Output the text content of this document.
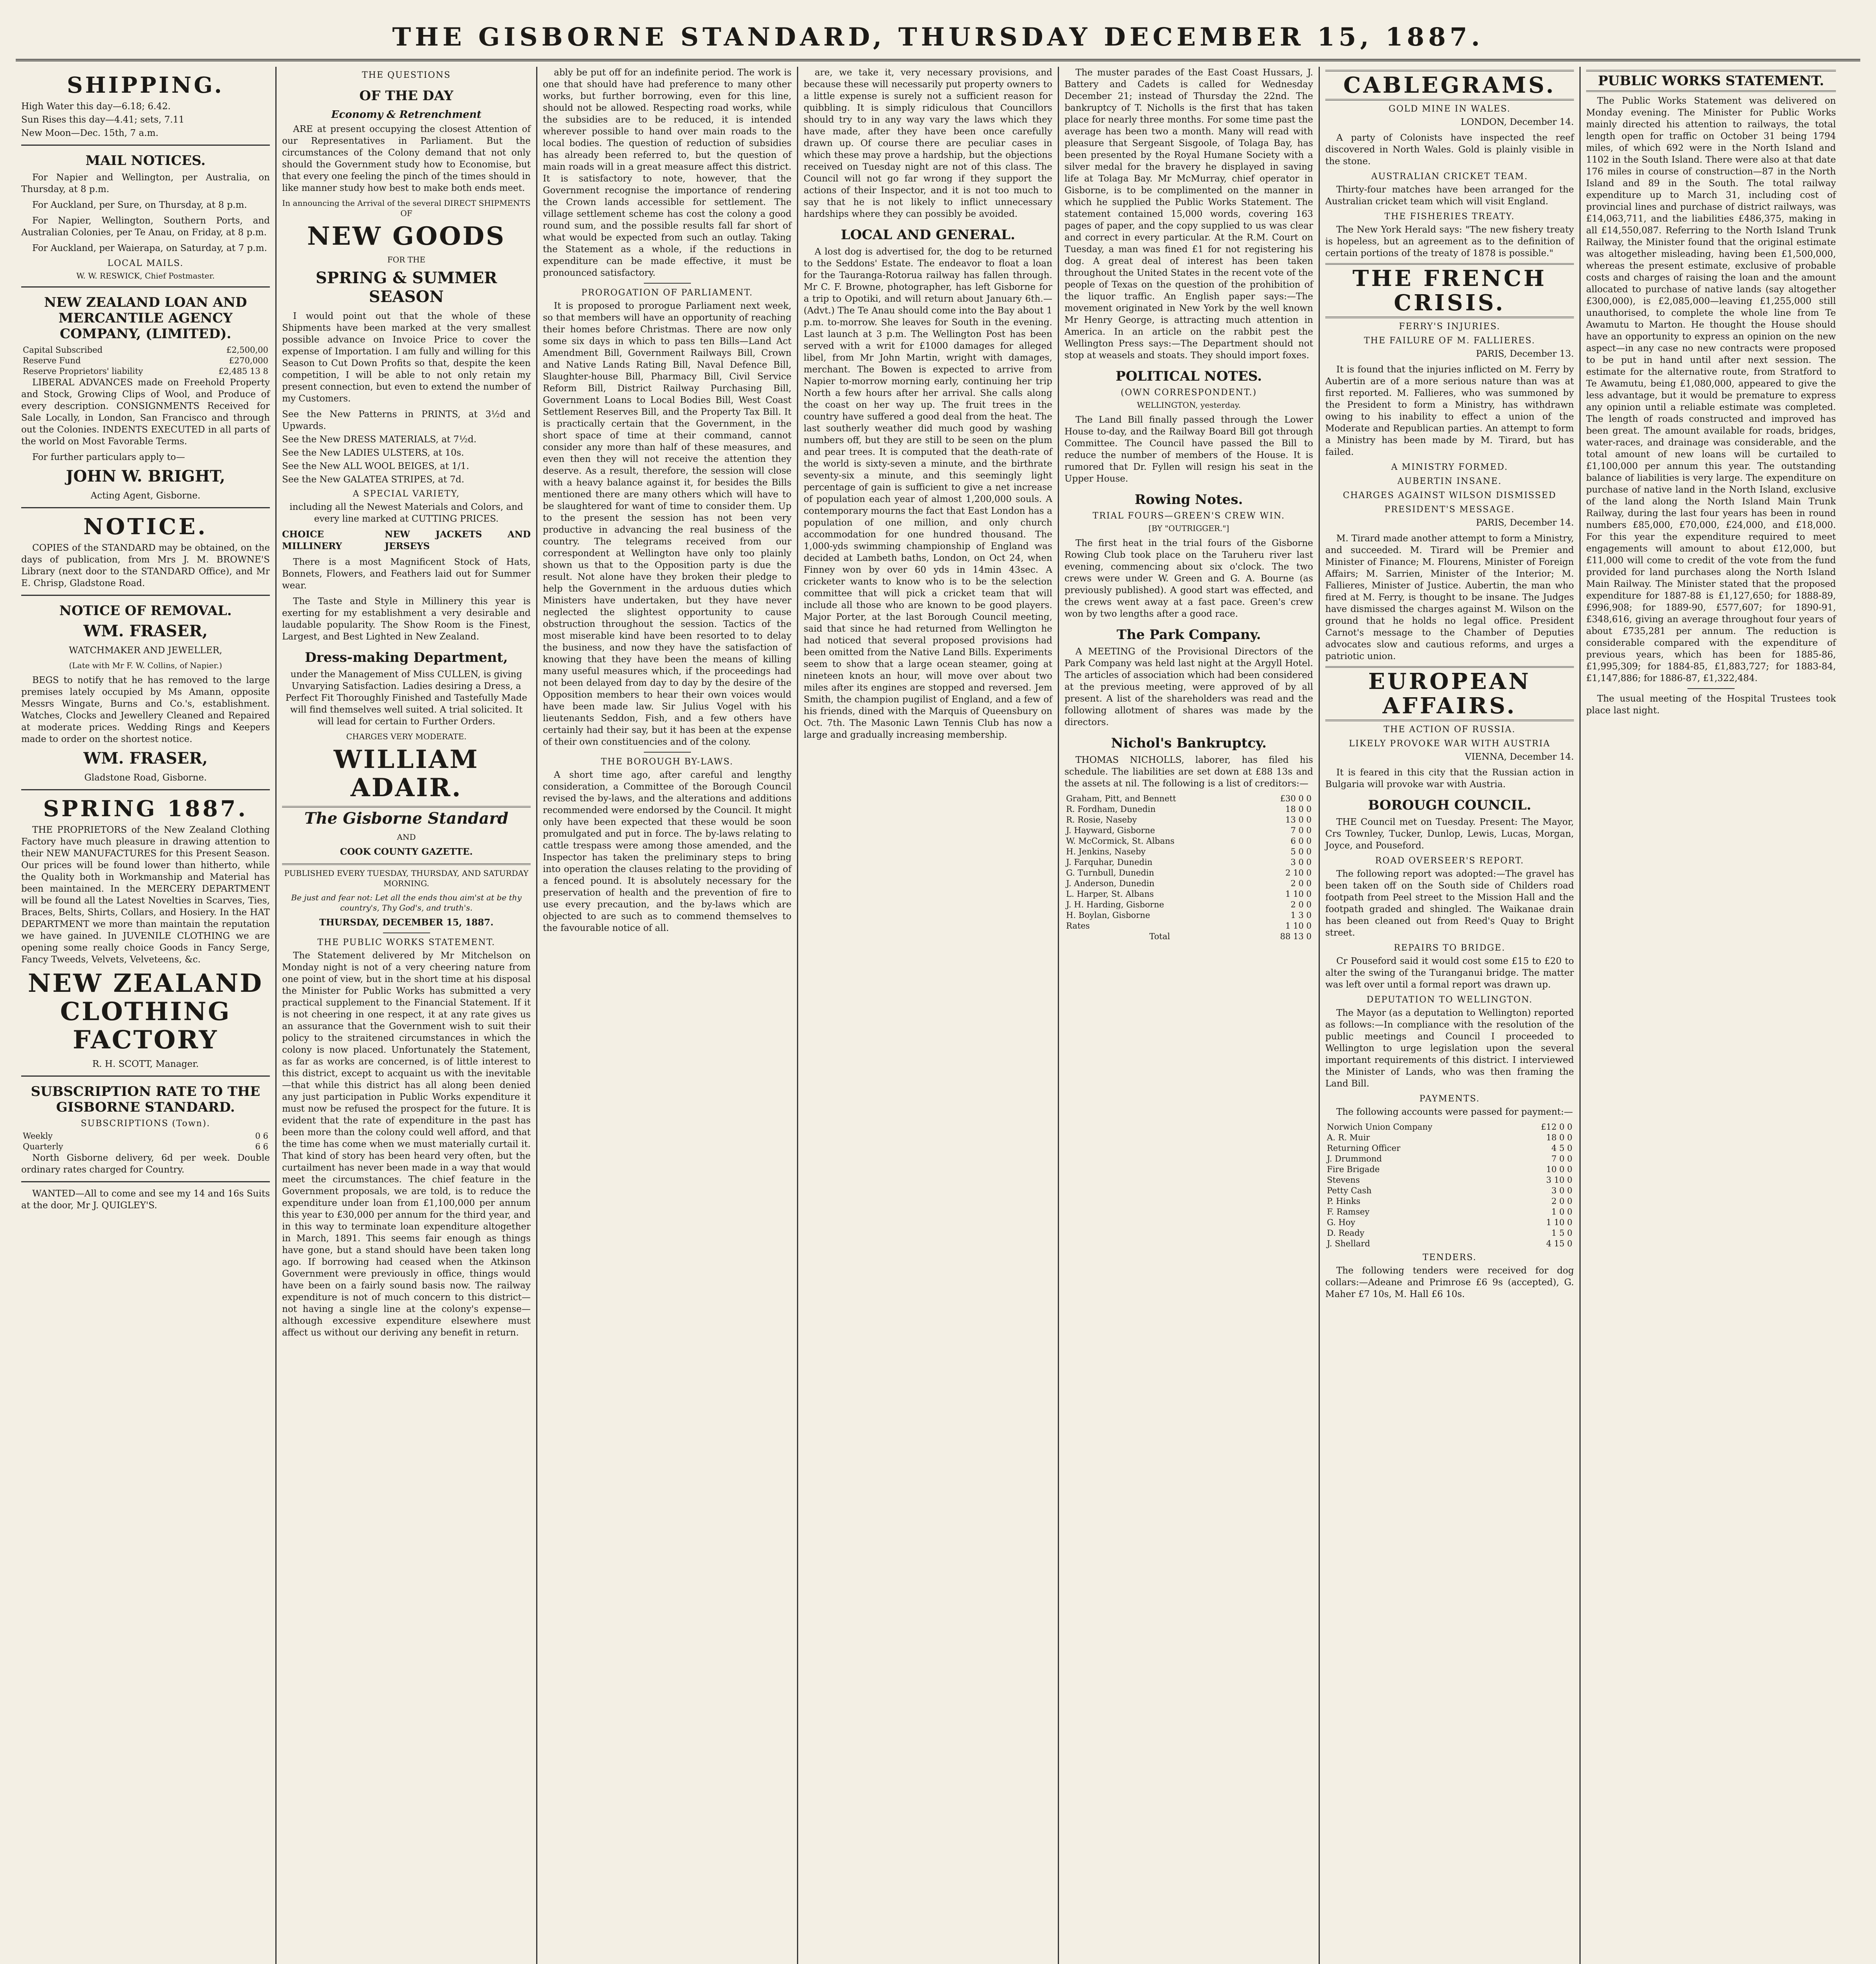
THE GISBORNE STANDARD, THURSDAY DECEMBER 15, 1887.
SHIPPING.

High Water this day—6.18; 6.42.

Sun Rises this day—4.41; sets, 7.11

New Moon—Dec. 15th, 7 a.m.

MAIL NOTICES.

For Napier and Wellington, per Australia, on Thursday, at 8 p.m.

For Auckland, per Sure, on Thursday, at 8 p.m.

For Napier, Wellington, Southern Ports, and Australian Colonies, per Te Anau, on Friday, at 8 p.m.

For Auckland, per Waierapa, on Saturday, at 7 p.m.

LOCAL MAILS.

W. W. RESWICK, Chief Postmaster.

NEW ZEALAND LOAN AND MERCANTILE AGENCY COMPANY, (LIMITED).
Capital Subscribed	£2,500,00
Reserve Fund	£270,000
Reserve Proprietors' liability	£2,485 13 8

LIBERAL ADVANCES made on Freehold Property and Stock, Growing Clips of Wool, and Produce of every description. CONSIGNMENTS Received for Sale Locally, in London, San Francisco and through out the Colonies. INDENTS EXECUTED in all parts of the world on Most Favorable Terms.

For further particulars apply to—

JOHN W. BRIGHT,

Acting Agent, Gisborne.

NOTICE.

COPIES of the STANDARD may be obtained, on the days of publication, from Mrs J. M. BROWNE'S Library (next door to the STANDARD Office), and Mr E. Chrisp, Gladstone Road.

NOTICE OF REMOVAL.

WM. FRASER,

WATCHMAKER AND JEWELLER,

(Late with Mr F. W. Collins, of Napier.)

BEGS to notify that he has removed to the large premises lately occupied by Ms Amann, opposite Messrs Wingate, Burns and Co.'s, establishment. Watches, Clocks and Jewellery Cleaned and Repaired at moderate prices. Wedding Rings and Keepers made to order on the shortest notice.

WM. FRASER,

Gladstone Road, Gisborne.

SPRING 1887.

THE PROPRIETORS of the New Zealand Clothing Factory have much pleasure in drawing attention to their NEW MANUFACTURES for this Present Season. Our prices will be found lower than hitherto, while the Quality both in Workmanship and Material has been maintained. In the MERCERY DEPARTMENT will be found all the Latest Novelties in Scarves, Ties, Braces, Belts, Shirts, Collars, and Hosiery. In the HAT DEPARTMENT we more than maintain the reputation we have gained. In JUVENILE CLOTHING we are opening some really choice Goods in Fancy Serge, Fancy Tweeds, Velvets, Velveteens, &c.

NEW ZEALAND CLOTHING FACTORY

R. H. SCOTT, Manager.

SUBSCRIPTION RATE TO THE GISBORNE STANDARD.
SUBSCRIPTIONS (Town).
Weekly	0 6
Quarterly	6 6

North Gisborne delivery, 6d per week. Double ordinary rates charged for Country.

WANTED—All to come and see my 14 and 16s Suits at the door, Mr J. QUIGLEY'S.

THE QUESTIONS
OF THE DAY
Economy & Retrenchment

ARE at present occupying the closest Attention of our Representatives in Parliament. But the circumstances of the Colony demand that not only should the Government study how to Economise, but that every one feeling the pinch of the times should in like manner study how best to make both ends meet.

In announcing the Arrival of the several DIRECT SHIPMENTS OF

NEW GOODS

FOR THE

SPRING & SUMMER SEASON

I would point out that the whole of these Shipments have been marked at the very smallest possible advance on Invoice Price to cover the expense of Importation. I am fully and willing for this Season to Cut Down Profits so that, despite the keen competition, I will be able to not only retain my present connection, but even to extend the number of my Customers.

See the New Patterns in PRINTS, at 3½d and Upwards.

See the New DRESS MATERIALS, at 7½d.

See the New LADIES ULSTERS, at 10s.

See the New ALL WOOL BEIGES, at 1/1.

See the New GALATEA STRIPES, at 7d.

A SPECIAL VARIETY,

including all the Newest Materials and Colors, and every line marked at CUTTING PRICES.

CHOICE MILLINERY
NEW JACKETS AND JERSEYS

There is a most Magnificent Stock of Hats, Bonnets, Flowers, and Feathers laid out for Summer wear.

The Taste and Style in Millinery this year is exerting for my establishment a very desirable and laudable popularity. The Show Room is the Finest, Largest, and Best Lighted in New Zealand.

Dress-making Department,

under the Management of Miss CULLEN, is giving Unvarying Satisfaction. Ladies desiring a Dress, a Perfect Fit Thoroughly Finished and Tastefully Made will find themselves well suited. A trial solicited. It will lead for certain to Further Orders.

CHARGES VERY MODERATE.

WILLIAM ADAIR.

The Gisborne Standard

AND

COOK COUNTY GAZETTE.

PUBLISHED EVERY TUESDAY, THURSDAY, AND SATURDAY MORNING.

Be just and fear not: Let all the ends thou aim'st at be thy country's, Thy God's, and truth's.

THURSDAY, DECEMBER 15, 1887.

THE PUBLIC WORKS STATEMENT.

The Statement delivered by Mr Mitchelson on Monday night is not of a very cheering nature from one point of view, but in the short time at his disposal the Minister for Public Works has submitted a very practical supplement to the Financial Statement. If it is not cheering in one respect, it at any rate gives us an assurance that the Government wish to suit their policy to the straitened circumstances in which the colony is now placed. Unfortunately the Statement, as far as works are concerned, is of little interest to this district, except to acquaint us with the inevitable—that while this district has all along been denied any just participation in Public Works expenditure it must now be refused the prospect for the future. It is evident that the rate of expenditure in the past has been more than the colony could well afford, and that the time has come when we must materially curtail it. That kind of story has been heard very often, but the curtailment has never been made in a way that would meet the circumstances. The chief feature in the Government proposals, we are told, is to reduce the expenditure under loan from £1,100,000 per annum this year to £30,000 per annum for the third year, and in this way to terminate loan expenditure altogether in March, 1891. This seems fair enough as things have gone, but a stand should have been taken long ago. If borrowing had ceased when the Atkinson Government were previously in office, things would have been on a fairly sound basis now. The railway expenditure is not of much concern to this district—not having a single line at the colony's expense—although excessive expenditure elsewhere must affect us without our deriving any benefit in return.

ably be put off for an indefinite period. The work is one that should have had preference to many other works, but further borrowing, even for this line, should not be allowed. Respecting road works, while the subsidies are to be reduced, it is intended wherever possible to hand over main roads to the local bodies. The question of reduction of subsidies has already been referred to, but the question of main roads will in a great measure affect this district. It is satisfactory to note, however, that the Government recognise the importance of rendering the Crown lands accessible for settlement. The village settlement scheme has cost the colony a good round sum, and the possible results fall far short of what would be expected from such an outlay. Taking the Statement as a whole, if the reductions in expenditure can be made effective, it must be pronounced satisfactory.

PROROGATION OF PARLIAMENT.

It is proposed to prorogue Parliament next week, so that members will have an opportunity of reaching their homes before Christmas. There are now only some six days in which to pass ten Bills—Land Act Amendment Bill, Government Railways Bill, Crown and Native Lands Rating Bill, Naval Defence Bill, Slaughter-house Bill, Pharmacy Bill, Civil Service Reform Bill, District Railway Purchasing Bill, Government Loans to Local Bodies Bill, West Coast Settlement Reserves Bill, and the Property Tax Bill. It is practically certain that the Government, in the short space of time at their command, cannot consider any more than half of these measures, and even then they will not receive the attention they deserve. As a result, therefore, the session will close with a heavy balance against it, for besides the Bills mentioned there are many others which will have to be slaughtered for want of time to consider them. Up to the present the session has not been very productive in advancing the real business of the country. The telegrams received from our correspondent at Wellington have only too plainly shown us that to the Opposition party is due the result. Not alone have they broken their pledge to help the Government in the arduous duties which Ministers have undertaken, but they have never neglected the slightest opportunity to cause obstruction throughout the session. Tactics of the most miserable kind have been resorted to to delay the business, and now they have the satisfaction of knowing that they have been the means of killing many useful measures which, if the proceedings had not been delayed from day to day by the desire of the Opposition members to hear their own voices would have been made law. Sir Julius Vogel with his lieutenants Seddon, Fish, and a few others have certainly had their say, but it has been at the expense of their own constituencies and of the colony.

THE BOROUGH BY-LAWS.

A short time ago, after careful and lengthy consideration, a Committee of the Borough Council revised the by-laws, and the alterations and additions recommended were endorsed by the Council. It might only have been expected that these would be soon promulgated and put in force. The by-laws relating to cattle trespass were among those amended, and the Inspector has taken the preliminary steps to bring into operation the clauses relating to the providing of a fenced pound. It is absolutely necessary for the preservation of health and the prevention of fire to use every precaution, and the by-laws which are objected to are such as to commend themselves to the favourable notice of all.

are, we take it, very necessary provisions, and because these will necessarily put property owners to a little expense is surely not a sufficient reason for quibbling. It is simply ridiculous that Councillors should try to in any way vary the laws which they have made, after they have been once carefully drawn up. Of course there are peculiar cases in which these may prove a hardship, but the objections received on Tuesday night are not of this class. The Council will not go far wrong if they support the actions of their Inspector, and it is not too much to say that he is not likely to inflict unnecessary hardships where they can possibly be avoided.

LOCAL AND GENERAL.

A lost dog is advertised for, the dog to be returned to the Seddons' Estate. The endeavor to float a loan for the Tauranga-Rotorua railway has fallen through. Mr C. F. Browne, photographer, has left Gisborne for a trip to Opotiki, and will return about January 6th.—(Advt.) The Te Anau should come into the Bay about 1 p.m. to-morrow. She leaves for South in the evening. Last launch at 3 p.m. The Wellington Post has been served with a writ for £1000 damages for alleged libel, from Mr John Martin, wright with damages, merchant. The Bowen is expected to arrive from Napier to-morrow morning early, continuing her trip North a few hours after her arrival. She calls along the coast on her way up. The fruit trees in the country have suffered a good deal from the heat. The last southerly weather did much good by washing numbers off, but they are still to be seen on the plum and pear trees. It is computed that the death-rate of the world is sixty-seven a minute, and the birthrate seventy-six a minute, and this seemingly light percentage of gain is sufficient to give a net increase of population each year of almost 1,200,000 souls. A contemporary mourns the fact that East London has a population of one million, and only church accommodation for one hundred thousand. The 1,000-yds swimming championship of England was decided at Lambeth baths, London, on Oct 24, when Finney won by over 60 yds in 14min 43sec. A cricketer wants to know who is to be the selection committee that will pick a cricket team that will include all those who are known to be good players. Major Porter, at the last Borough Council meeting, said that since he had returned from Wellington he had noticed that several proposed provisions had been omitted from the Native Land Bills. Experiments seem to show that a large ocean steamer, going at nineteen knots an hour, will move over about two miles after its engines are stopped and reversed. Jem Smith, the champion pugilist of England, and a few of his friends, dined with the Marquis of Queensbury on Oct. 7th. The Masonic Lawn Tennis Club has now a large and gradually increasing membership.

The muster parades of the East Coast Hussars, J. Battery and Cadets is called for Wednesday December 21; instead of Thursday the 22nd. The bankruptcy of T. Nicholls is the first that has taken place for nearly three months. For some time past the average has been two a month. Many will read with pleasure that Sergeant Sisgoole, of Tolaga Bay, has been presented by the Royal Humane Society with a silver medal for the bravery he displayed in saving life at Tolaga Bay. Mr McMurray, chief operator in Gisborne, is to be complimented on the manner in which he supplied the Public Works Statement. The statement contained 15,000 words, covering 163 pages of paper, and the copy supplied to us was clear and correct in every particular. At the R.M. Court on Tuesday, a man was fined £1 for not registering his dog. A great deal of interest has been taken throughout the United States in the recent vote of the people of Texas on the question of the prohibition of the liquor traffic. An English paper says:—The movement originated in New York by the well known Mr Henry George, is attracting much attention in America. In an article on the rabbit pest the Wellington Press says:—The Department should not stop at weasels and stoats. They should import foxes.

POLITICAL NOTES.
(OWN CORRESPONDENT.)

WELLINGTON, yesterday.

The Land Bill finally passed through the Lower House to-day, and the Railway Board Bill got through Committee. The Council have passed the Bill to reduce the number of members of the House. It is rumored that Dr. Fyllen will resign his seat in the Upper House.

Rowing Notes.
TRIAL FOURS—GREEN'S CREW WIN.

[BY "OUTRIGGER."]

The first heat in the trial fours of the Gisborne Rowing Club took place on the Taruheru river last evening, commencing about six o'clock. The two crews were under W. Green and G. A. Bourne (as previously published). A good start was effected, and the crews went away at a fast pace. Green's crew won by two lengths after a good race.

The Park Company.

A MEETING of the Provisional Directors of the Park Company was held last night at the Argyll Hotel. The articles of association which had been considered at the previous meeting, were approved of by all present. A list of the shareholders was read and the following allotment of shares was made by the directors.

Nichol's Bankruptcy.

THOMAS NICHOLLS, laborer, has filed his schedule. The liabilities are set down at £88 13s and the assets at nil. The following is a list of creditors:—

Graham, Pitt, and Bennett	£30 0 0
R. Fordham, Dunedin	18 0 0
R. Rosie, Naseby	13 0 0
J. Hayward, Gisborne	7 0 0
W. McCormick, St. Albans	6 0 0
H. Jenkins, Naseby	5 0 0
J. Farquhar, Dunedin	3 0 0
G. Turnbull, Dunedin	2 10 0
J. Anderson, Dunedin	2 0 0
L. Harper, St. Albans	1 10 0
J. H. Harding, Gisborne	2 0 0
H. Boylan, Gisborne	1 3 0
Rates	1 10 0
Total	88 13 0
CABLEGRAMS.
GOLD MINE IN WALES.

LONDON, December 14.

A party of Colonists have inspected the reef discovered in North Wales. Gold is plainly visible in the stone.

AUSTRALIAN CRICKET TEAM.

Thirty-four matches have been arranged for the Australian cricket team which will visit England.

THE FISHERIES TREATY.

The New York Herald says: "The new fishery treaty is hopeless, but an agreement as to the definition of certain portions of the treaty of 1878 is possible."

THE FRENCH CRISIS.
FERRY'S INJURIES.
THE FAILURE OF M. FALLIERES.

PARIS, December 13.

It is found that the injuries inflicted on M. Ferry by Aubertin are of a more serious nature than was at first reported. M. Fallieres, who was summoned by the President to form a Ministry, has withdrawn owing to his inability to effect a union of the Moderate and Republican parties. An attempt to form a Ministry has been made by M. Tirard, but has failed.

A MINISTRY FORMED.
AUBERTIN INSANE.
CHARGES AGAINST WILSON DISMISSED
PRESIDENT'S MESSAGE.

PARIS, December 14.

M. Tirard made another attempt to form a Ministry, and succeeded. M. Tirard will be Premier and Minister of Finance; M. Flourens, Minister of Foreign Affairs; M. Sarrien, Minister of the Interior; M. Fallieres, Minister of Justice. Aubertin, the man who fired at M. Ferry, is thought to be insane. The Judges have dismissed the charges against M. Wilson on the ground that he holds no legal office. President Carnot's message to the Chamber of Deputies advocates slow and cautious reforms, and urges a patriotic union.

EUROPEAN AFFAIRS.
THE ACTION OF RUSSIA.
LIKELY PROVOKE WAR WITH AUSTRIA

VIENNA, December 14.

It is feared in this city that the Russian action in Bulgaria will provoke war with Austria.

BOROUGH COUNCIL.

THE Council met on Tuesday. Present: The Mayor, Crs Townley, Tucker, Dunlop, Lewis, Lucas, Morgan, Joyce, and Pouseford.

ROAD OVERSEER'S REPORT.

The following report was adopted:—The gravel has been taken off on the South side of Childers road footpath from Peel street to the Mission Hall and the footpath graded and shingled. The Waikanae drain has been cleaned out from Reed's Quay to Bright street.

REPAIRS TO BRIDGE.

Cr Pouseford said it would cost some £15 to £20 to alter the swing of the Turanganui bridge. The matter was left over until a formal report was drawn up.

DEPUTATION TO WELLINGTON.

The Mayor (as a deputation to Wellington) reported as follows:—In compliance with the resolution of the public meetings and Council I proceeded to Wellington to urge legislation upon the several important requirements of this district. I interviewed the Minister of Lands, who was then framing the Land Bill.

PAYMENTS.

The following accounts were passed for payment:—

Norwich Union Company	£12 0 0
A. R. Muir	18 0 0
Returning Officer	4 5 0
J. Drummond	7 0 0
Fire Brigade	10 0 0
Stevens	3 10 0
Petty Cash	3 0 0
P. Hinks	2 0 0
F. Ramsey	1 0 0
G. Hoy	1 10 0
D. Ready	1 5 0
J. Shellard	4 15 0
TENDERS.

The following tenders were received for dog collars:—Adeane and Primrose £6 9s (accepted), G. Maher £7 10s, M. Hall £6 10s.

PUBLIC WORKS STATEMENT.

The Public Works Statement was delivered on Monday evening. The Minister for Public Works mainly directed his attention to railways, the total length open for traffic on October 31 being 1794 miles, of which 692 were in the North Island and 1102 in the South Island. There were also at that date 176 miles in course of construction—87 in the North Island and 89 in the South. The total railway expenditure up to March 31, including cost of provincial lines and purchase of district railways, was £14,063,711, and the liabilities £486,375, making in all £14,550,087. Referring to the North Island Trunk Railway, the Minister found that the original estimate was altogether misleading, having been £1,500,000, whereas the present estimate, exclusive of probable costs and charges of raising the loan and the amount allocated to purchase of native lands (say altogether £300,000), is £2,085,000—leaving £1,255,000 still unauthorised, to complete the whole line from Te Awamutu to Marton. He thought the House should have an opportunity to express an opinion on the new aspect—in any case no new contracts were proposed to be put in hand until after next session. The estimate for the alternative route, from Stratford to Te Awamutu, being £1,080,000, appeared to give the less advantage, but it would be premature to express any opinion until a reliable estimate was completed. The length of roads constructed and improved has been great. The amount available for roads, bridges, water-races, and drainage was considerable, and the total amount of new loans will be curtailed to £1,100,000 per annum this year. The outstanding balance of liabilities is very large. The expenditure on purchase of native land in the North Island, exclusive of the land along the North Island Main Trunk Railway, during the last four years has been in round numbers £85,000, £70,000, £24,000, and £18,000. For this year the expenditure required to meet engagements will amount to about £12,000, but £11,000 will come to credit of the vote from the fund provided for land purchases along the North Island Main Railway. The Minister stated that the proposed expenditure for 1887-88 is £1,127,650; for 1888-89, £996,908; for 1889-90, £577,607; for 1890-91, £348,616, giving an average throughout four years of about £735,281 per annum. The reduction is considerable compared with the expenditure of previous years, which has been for 1885-86, £1,995,309; for 1884-85, £1,883,727; for 1883-84, £1,147,886; for 1886-87, £1,322,484.

The usual meeting of the Hospital Trustees took place last night.
